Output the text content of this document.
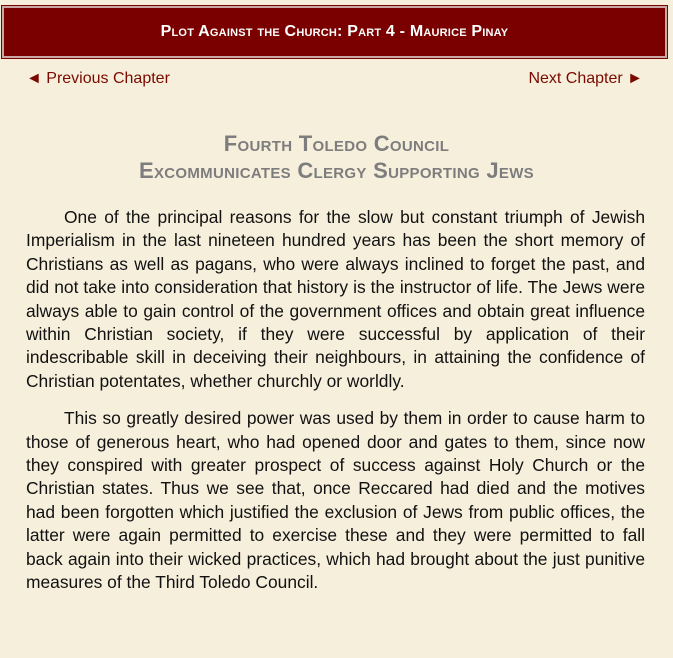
Plot Against the Church: Part 4 - Maurice Pinay
◄ Previous Chapter	Next Chapter ►
Fourth Toledo Council
Excommunicates Clergy Supporting Jews

One of the principal reasons for the slow but constant triumph of Jewish Imperialism in the last nineteen hundred years has been the short memory of Christians as well as pagans, who were always inclined to forget the past, and did not take into consideration that history is the instructor of life. The Jews were always able to gain control of the government offices and obtain great influence within Christian society, if they were successful by application of their indescribable skill in deceiving their neighbours, in attaining the confidence of Christian potentates, whether churchly or worldly.

This so greatly desired power was used by them in order to cause harm to those of generous heart, who had opened door and gates to them, since now they conspired with greater prospect of success against Holy Church or the Christian states. Thus we see that, once Reccared had died and the motives had been forgotten which justified the exclusion of Jews from public offices, the latter were again permitted to exercise these and they were permitted to fall back again into their wicked practices, which had brought about the just punitive measures of the Third Toledo Council.
